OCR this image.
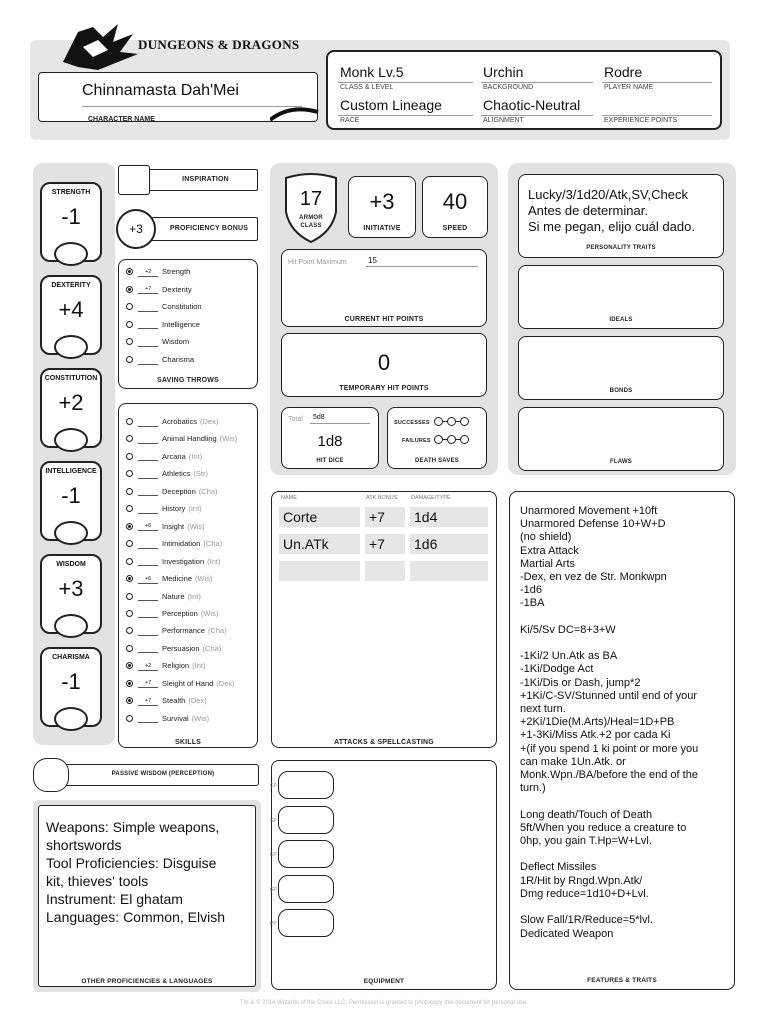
DUNGEONS & DRAGONS
Chinnamasta Dah'Mei
CHARACTER NAME
Monk Lv.5
CLASS & LEVEL
Urchin
BACKGROUND
Rodre
PLAYER NAME
Custom Lineage
RACE
Chaotic-Neutral
ALIGNMENT	EXPERIENCE POINTS
STRENGTH
-1
DEXTERITY
+4
CONSTITUTION
+2
INTELLIGENCE
-1
WISDOM
+3
CHARISMA
-1
INSPIRATION
+3	PROFICIENCY BONUS
+2	Strength
+7	Dexterity
Constitution
Intelligence
Wisdom
Charisma
SAVING THROWS
Acrobatics (Dex)
Animal Handling (Wis)
Arcana (Int)
Athletics (Str)
Deception (Cha)
History (Int)
+6	Insight (Wis)
Intimidation (Cha)
Investigation (Int)
+6	Medicine (Wis)
Nature (Int)
Perception (Wis)
Performance (Cha)
Persuasion (Cha)
+2	Religion (Int)
+7	Sleight of Hand (Dex)
+7	Stealth (Dex)
Survival (Wis)
SKILLS
17
ARMOR CLASS
+3
INITIATIVE
40
SPEED
Hit Point Maximum	15
CURRENT HIT POINTS
0
TEMPORARY HIT POINTS
Total 5d8
1d8
HIT DICE
SUCCESSES
FAILURES
DEATH SAVES
NAME	ATK BONUS DAMAGE/TYPE
Corte	+7	1d4
Un.ATk	+7	1d6
ATTACKS & SPELLCASTING
Lucky/3/1d20/Atk,SV,Check
Antes de determinar.
Si me pegan, elijo cuál dado.
PERSONALITY TRAITS
IDEALS
BONDS
FLAWS
Unarmored Movement +10ft
Unarmored Defense 10+W+D
(no shield)
Extra Attack
Martial Arts
-Dex, en vez de Str. Monkwpn
-1d6
-1BA

Ki/5/Sv DC=8+3+W

-1Ki/2 Un.Atk as BA
-1Ki/Dodge Act
-1Ki/Dis or Dash, jump*2
+1Ki/C-SV/Stunned until end of your
next turn.
+2Ki/1Die(M.Arts)/Heal=1D+PB
+1-3Ki/Miss Atk.+2 por cada Ki
+(if you spend 1 ki point or more you
can make 1Un.Atk. or
Monk.Wpn./BA/before the end of the
turn.)

Long death/Touch of Death
5ft/When you reduce a creature to
0hp, you gain T.Hp=W+Lvl.

Deflect Missiles
1R/Hit by Rngd.Wpn.Atk/
Dmg reduce=1d10+D+Lvl.

Slow Fall/1R/Reduce=5*lvl.
Dedicated Weapon
FEATURES & TRAITS
PASSIVE WISDOM (PERCEPTION)
Weapons: Simple weapons,
shortswords
Tool Proficiencies: Disguise
kit, thieves' tools
Instrument: El ghatam
Languages: Common, Elvish
OTHER PROFICIENCIES & LANGUAGES
CP
SP
EP
GP
PP
EQUIPMENT
TM & © 2014 Wizards of the Coast LLC. Permission is granted to photocopy this document for personal use.
